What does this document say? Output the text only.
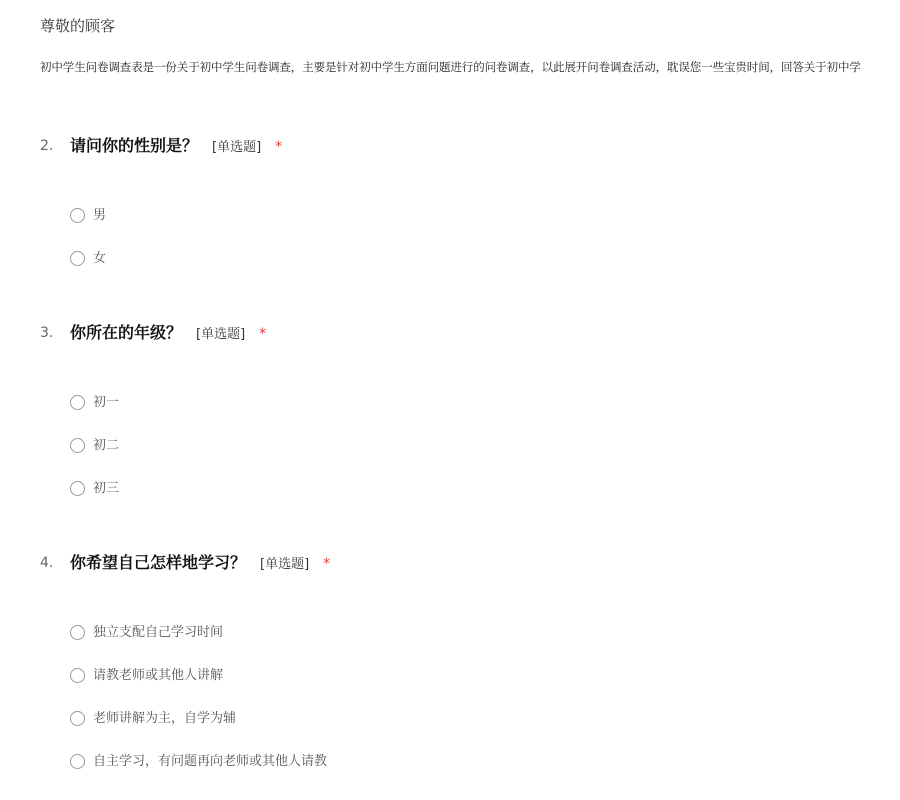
尊敬的顾客
初中学生问卷调查表是一份关于初中学生问卷调查，主要是针对初中学生方面问题进行的问卷调查，以此展开问卷调查活动，耽误您一些宝贵时间，回答关于初中学
2. 请问你的性别是？ [单选题] *
男
女
3. 你所在的年级？ [单选题] *
初一
初二
初三
4. 你希望自己怎样地学习？ [单选题] *
独立支配自己学习时间
请教老师或其他人讲解
老师讲解为主，自学为辅
自主学习，有问题再向老师或其他人请教
